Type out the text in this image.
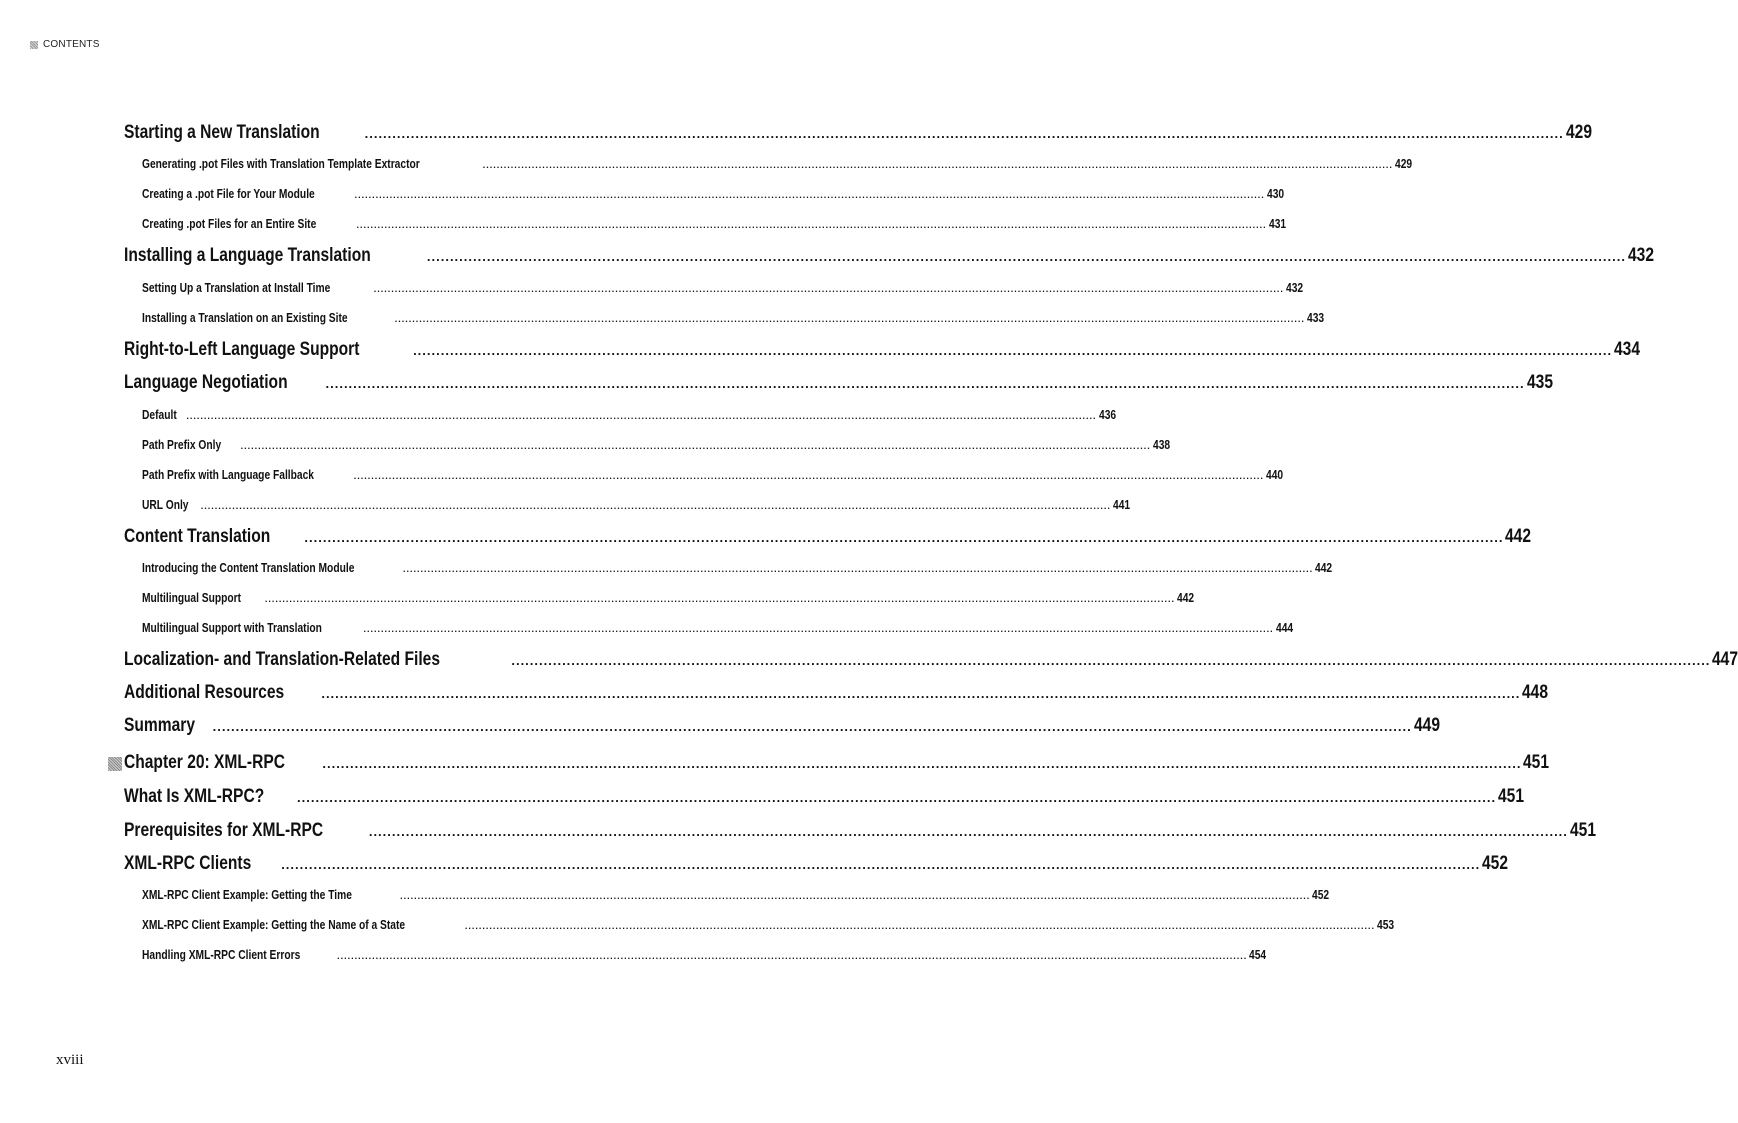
CONTENTS
Starting a New Translation	.................................................................................................................................................................................................................................................................... 429
Generating .pot Files with Translation Template Extractor	.................................................................................................................................................................................................................................................................... 429
Creating a .pot File for Your Module	.................................................................................................................................................................................................................................................................... 430
Creating .pot Files for an Entire Site	.................................................................................................................................................................................................................................................................... 431
Installing a Language Translation	.................................................................................................................................................................................................................................................................... 432
Setting Up a Translation at Install Time	.................................................................................................................................................................................................................................................................... 432
Installing a Translation on an Existing Site	.................................................................................................................................................................................................................................................................... 433
Right-to-Left Language Support	.................................................................................................................................................................................................................................................................... 434
Language Negotiation	.................................................................................................................................................................................................................................................................... 435
Default .................................................................................................................................................................................................................................................................... 436
Path Prefix Only .................................................................................................................................................................................................................................................................... 438
Path Prefix with Language Fallback	.................................................................................................................................................................................................................................................................... 440
URL Only .................................................................................................................................................................................................................................................................... 441
Content Translation	.................................................................................................................................................................................................................................................................... 442
Introducing the Content Translation Module	.................................................................................................................................................................................................................................................................... 442
Multilingual Support	.................................................................................................................................................................................................................................................................... 442
Multilingual Support with Translation	.................................................................................................................................................................................................................................................................... 444
Localization- and Translation-Related Files	.................................................................................................................................................................................................................................................................... 447
Additional Resources	.................................................................................................................................................................................................................................................................... 448
Summary .................................................................................................................................................................................................................................................................... 449
Chapter 20: XML-RPC	.................................................................................................................................................................................................................................................................... 451
What Is XML-RPC?	.................................................................................................................................................................................................................................................................... 451
Prerequisites for XML-RPC	.................................................................................................................................................................................................................................................................... 451
XML-RPC Clients .................................................................................................................................................................................................................................................................... 452
XML-RPC Client Example: Getting the Time	.................................................................................................................................................................................................................................................................... 452
XML-RPC Client Example: Getting the Name of a State	.................................................................................................................................................................................................................................................................... 453
Handling XML-RPC Client Errors	.................................................................................................................................................................................................................................................................... 454
xviii
